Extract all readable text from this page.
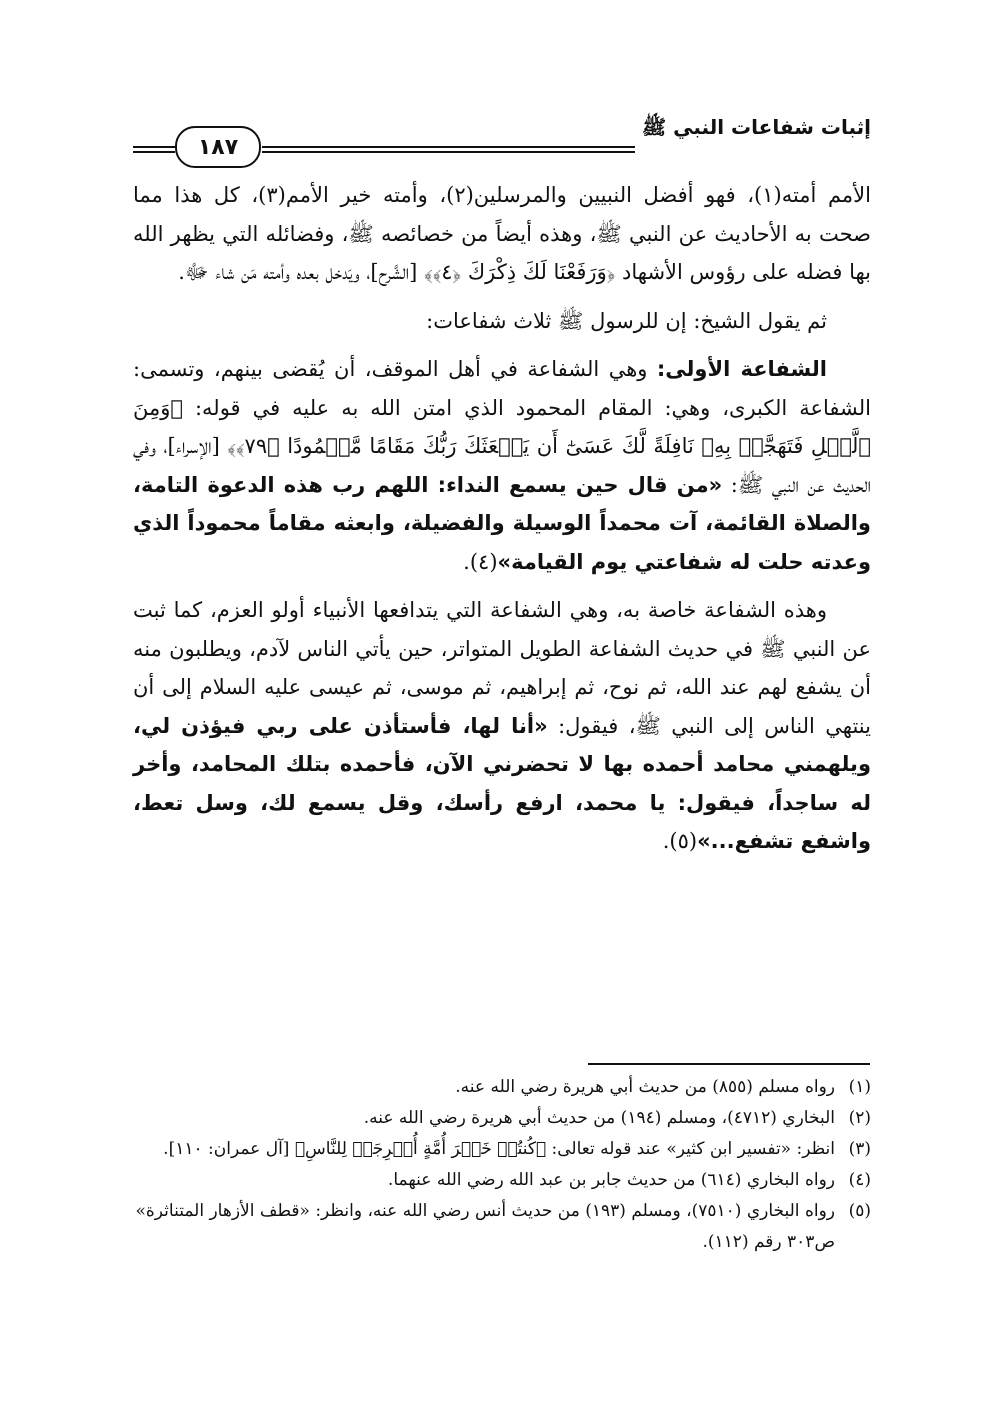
إثبات شفاعات النبي ﷺ
١٨٧

الأمم أمته(١)، فهو أفضل النبيين والمرسلين(٢)، وأمته خير الأمم(٣)، كل هذا مما صحت به الأحاديث عن النبي ﷺ، وهذه أيضاً من خصائصه ﷺ، وفضائله التي يظهر الله بها فضله على رؤوس الأشهاد ﴿وَرَفَعْنَا لَكَ ذِكْرَكَ ﴿٤﴾﴾ [الشَّرح]، ويَدخل بعده وأمته مَن شاء ﷻ.

ثم يقول الشيخ: إن للرسول ﷺ ثلاث شفاعات:

الشفاعة الأولى: وهي الشفاعة في أهل الموقف، أن يُقضى بينهم، وتسمى: الشفاعة الكبرى، وهي: المقام المحمود الذي امتن الله به عليه في قوله: ﴿وَمِنَ ٱلَّيۡلِ فَتَهَجَّدۡ بِهِۦ نَافِلَةً لَّكَ عَسَىٰٓ أَن يَبۡعَثَكَ رَبُّكَ مَقَامًا مَّحۡمُودًا ﴿٧٩﴾﴾ [الإسراء]، وفي الحديث عن النبي ﷺ: «من قال حين يسمع النداء: اللهم رب هذه الدعوة التامة، والصلاة القائمة، آت محمداً الوسيلة والفضيلة، وابعثه مقاماً محموداً الذي وعدته حلت له شفاعتي يوم القيامة»(٤).

وهذه الشفاعة خاصة به، وهي الشفاعة التي يتدافعها الأنبياء أولو العزم، كما ثبت عن النبي ﷺ في حديث الشفاعة الطويل المتواتر، حين يأتي الناس لآدم، ويطلبون منه أن يشفع لهم عند الله، ثم نوح، ثم إبراهيم، ثم موسى، ثم عيسى عليه السلام إلى أن ينتهي الناس إلى النبي ﷺ، فيقول: «أنا لها، فأستأذن على ربي فيؤذن لي، ويلهمني محامد أحمده بها لا تحضرني الآن، فأحمده بتلك المحامد، وأخر له ساجداً، فيقول: يا محمد، ارفع رأسك، وقل يسمع لك، وسل تعط، واشفع تشفع...»(٥).

(١)
رواه مسلم (٨٥٥) من حديث أبي هريرة رضي الله عنه.
(٢)
البخاري (٤٧١٢)، ومسلم (١٩٤) من حديث أبي هريرة رضي الله عنه.
(٣)
انظر: «تفسير ابن كثير» عند قوله تعالى: ﴿كُنتُمۡ خَيۡرَ أُمَّةٍ أُخۡرِجَتۡ لِلنَّاسِ﴾ [آل عمران: ١١٠].
(٤)
رواه البخاري (٦١٤) من حديث جابر بن عبد الله رضي الله عنهما.
(٥)
رواه البخاري (٧٥١٠)، ومسلم (١٩٣) من حديث أنس رضي الله عنه، وانظر: «قطف الأزهار المتناثرة» ص٣٠٣ رقم (١١٢).
